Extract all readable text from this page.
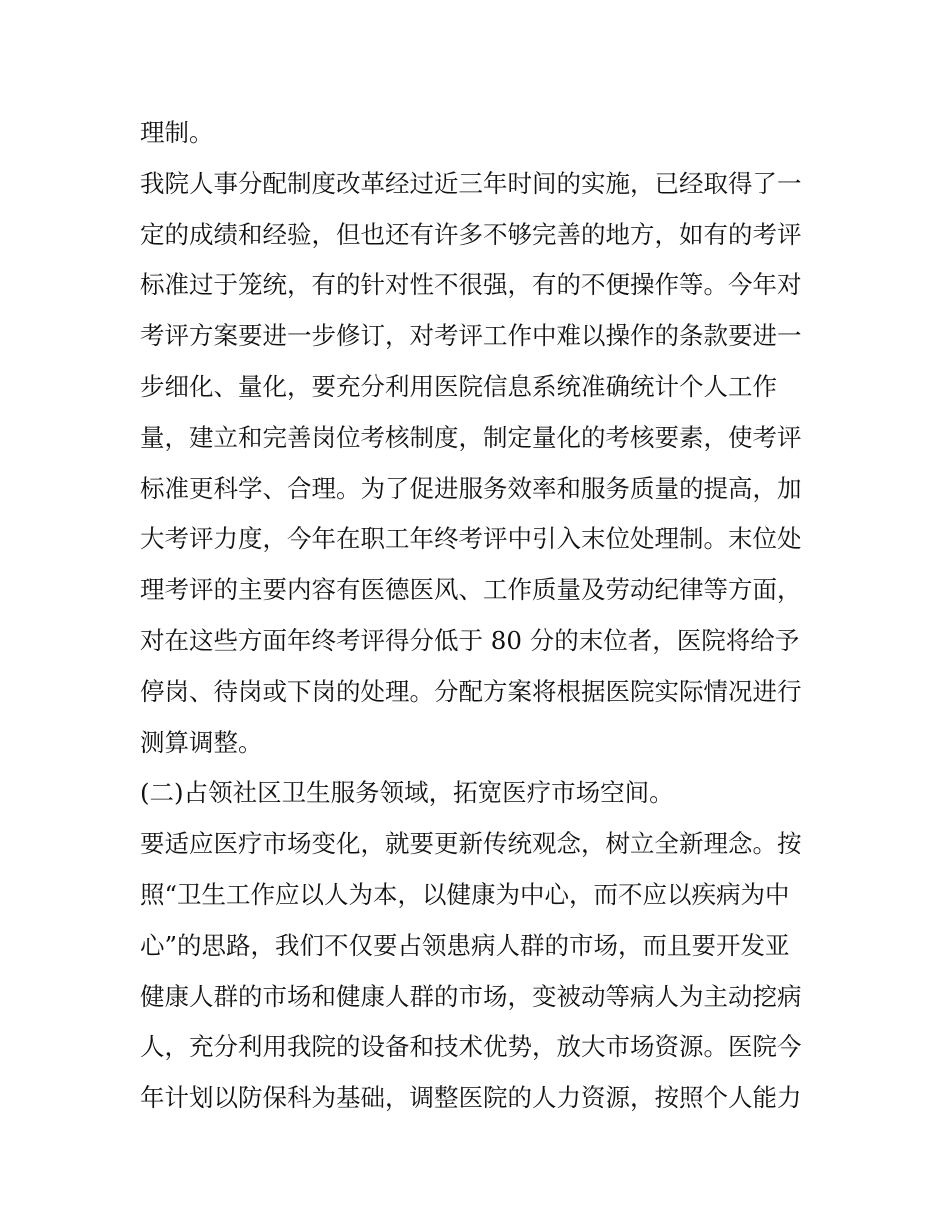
理制。
我院人事分配制度改革经过近三年时间的实施，已经取得了一
定的成绩和经验，但也还有许多不够完善的地方，如有的考评
标准过于笼统，有的针对性不很强，有的不便操作等。今年对
考评方案要进一步修订，对考评工作中难以操作的条款要进一
步细化、量化，要充分利用医院信息系统准确统计个人工作
量，建立和完善岗位考核制度，制定量化的考核要素，使考评
标准更科学、合理。为了促进服务效率和服务质量的提高，加
大考评力度，今年在职工年终考评中引入末位处理制。末位处
理考评的主要内容有医德医风、工作质量及劳动纪律等方面，
对在这些方面年终考评得分低于 80 分的末位者，医院将给予
停岗、待岗或下岗的处理。分配方案将根据医院实际情况进行
测算调整。
(二)占领社区卫生服务领域，拓宽医疗市场空间。
要适应医疗市场变化，就要更新传统观念，树立全新理念。按
照“卫生工作应以人为本，以健康为中心，而不应以疾病为中
心”的思路，我们不仅要占领患病人群的市场，而且要开发亚
健康人群的市场和健康人群的市场，变被动等病人为主动挖病
人，充分利用我院的设备和技术优势，放大市场资源。医院今
年计划以防保科为基础，调整医院的人力资源，按照个人能力
